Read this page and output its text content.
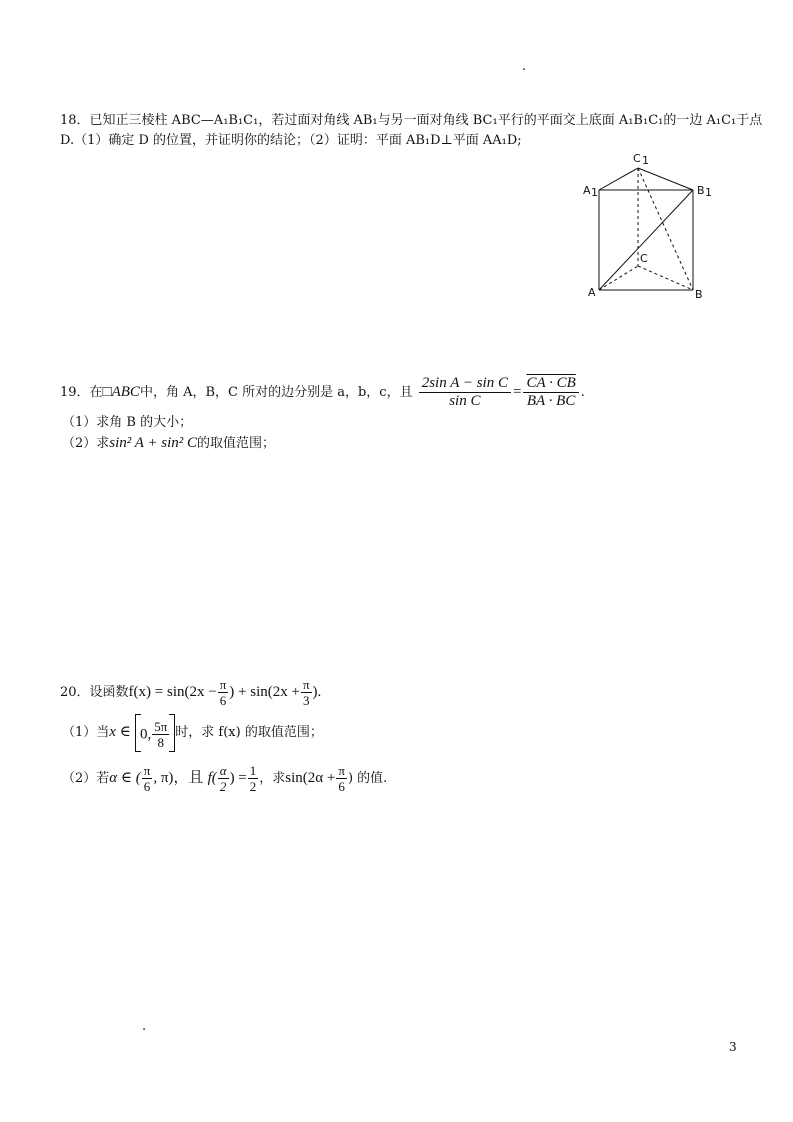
.
18．已知正三棱柱 ABC—A₁B₁C₁，若过面对角线 AB₁与另一面对角线 BC₁平行的平面交上底面 A₁B₁C₁的一边 A₁C₁于点
D.（1）确定 D 的位置，并证明你的结论；（2）证明：平面 AB₁D⊥平面 AA₁D;
C 1
A 1	B 1
C
A	B
19．在□ABC中，角 A，B，C 所对的边分别是 a，b，c，且 $\frac{\text{2sin A − sin C}}{\text{sin C}} = \frac{CA \cdot CB}{BA \cdot BC}$ .
（1）求角 B 的大小；
（2）求sin² A + sin² C的取值范围；
20．设函数$f(x) = \sin(2x - \frac{\pi}{6}$ ) + $\sin(2x + \frac{\pi}{3}$ ).
（1）当x ∈ 0, $\frac{5\pi}{8}$ 时，求 f(x) 的取值范围；
（2）若α ∈ ( $\frac{\pi}{6}$ , π)，且 $f( \frac{\alpha}{2}$ ) = $\frac{1}{2}$ ，求$\sin(2\alpha + \frac{\pi}{6}$ ) 的值.
.
3
